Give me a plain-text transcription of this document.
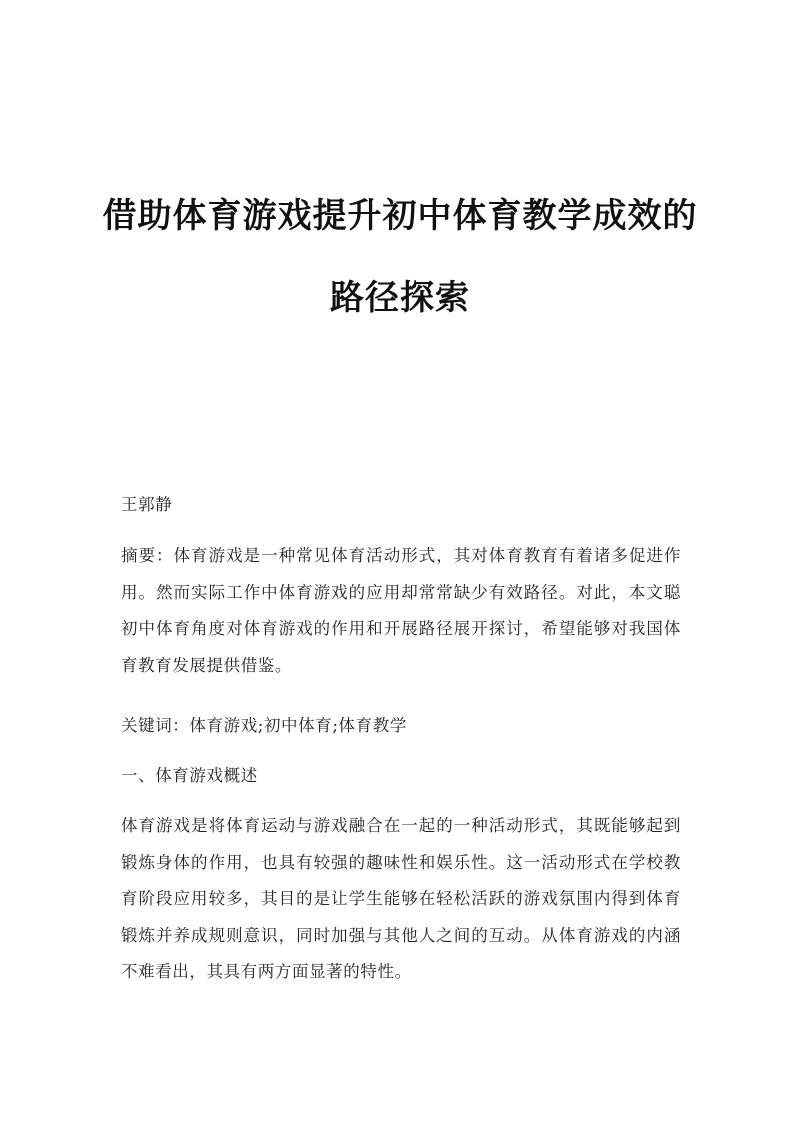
借助体育游戏提升初中体育教学成效的
路径探索
王郭静
摘要：体育游戏是一种常见体育活动形式，其对体育教育有着诸多促进作用。然而实际工作中体育游戏的应用却常常缺少有效路径。对此，本文聪初中体育角度对体育游戏的作用和开展路径展开探讨，希望能够对我国体育教育发展提供借鉴。
关键词：体育游戏;初中体育;体育教学
一、体育游戏概述
体育游戏是将体育运动与游戏融合在一起的一种活动形式，其既能够起到锻炼身体的作用，也具有较强的趣味性和娱乐性。这一活动形式在学校教育阶段应用较多，其目的是让学生能够在轻松活跃的游戏氛围内得到体育锻炼并养成规则意识，同时加强与其他人之间的互动。从体育游戏的内涵不难看出，其具有两方面显著的特性。
